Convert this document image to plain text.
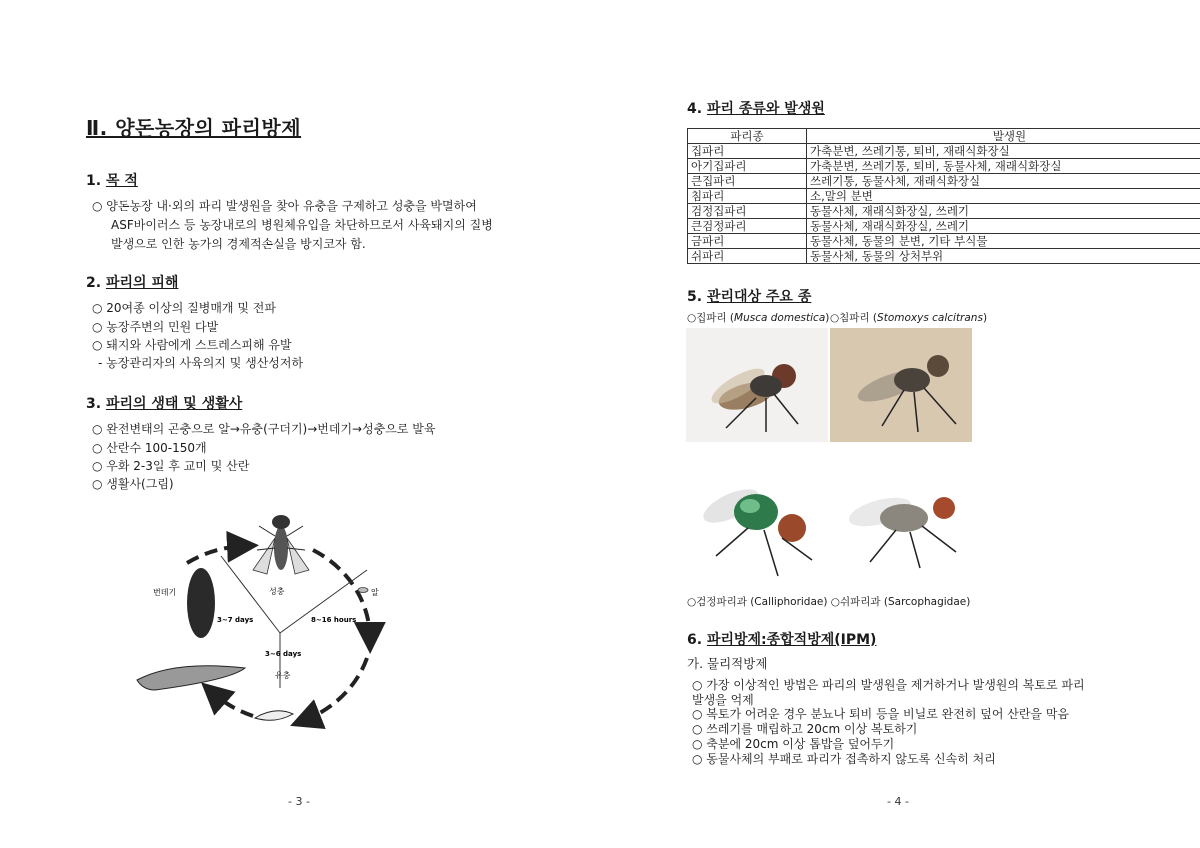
Ⅱ. 양돈농장의 파리방제
1. 목 적
○ 양돈농장 내·외의 파리 발생원을 찾아 유충을 구제하고 성충을 박멸하여
ASF바이러스 등 농장내로의 병원체유입을 차단하므로서 사육돼지의 질병
발생으로 인한 농가의 경제적손실을 방지코자 함.
2. 파리의 피해
○ 20여종 이상의 질병매개 및 전파
○ 농장주변의 민원 다발
○ 돼지와 사람에게 스트레스피해 유발
- 농장관리자의 사육의지 및 생산성저하
3. 파리의 생태 및 생활사
○ 완전변태의 곤충으로 알→유충(구더기)→번데기→성충으로 발육
○ 산란수 100-150개
○ 우화 2-3일 후 교미 및 산란
○ 생활사(그림)
번데기	성충	알
유충
3~7 days	8~16 hours
3~6 days
- 3 -
4. 파리 종류와 발생원
파리종	발생원
집파리	가축분변, 쓰레기통, 퇴비, 재래식화장실
아기집파리	가축분변, 쓰레기통, 퇴비, 동물사체, 재래식화장실
큰집파리	쓰레기통, 동물사체, 재래식화장실
침파리	소,말의 분변
검정집파리	동물사체, 재래식화장실, 쓰레기
큰검정파리	동물사체, 재래식화장실, 쓰레기
금파리	동물사체, 동물의 분변, 기타 부식물
쉬파리	동물사체, 동물의 상처부위
5. 관리대상 주요 종
○집파리 (Musca domestica) ○침파리 (Stomoxys calcitrans)
○검정파리과 (Calliphoridae) ○쉬파리과 (Sarcophagidae)
6. 파리방제:종합적방제(IPM)
가. 물리적방제
○ 가장 이상적인 방법은 파리의 발생원을 제거하거나 발생원의 복토로 파리
발생을 억제
○ 복토가 어려운 경우 분뇨나 퇴비 등을 비닐로 완전히 덮어 산란을 막음
○ 쓰레기를 매립하고 20cm 이상 복토하기
○ 축분에 20cm 이상 톱밥을 덮어두기
○ 동물사체의 부패로 파리가 접촉하지 않도록 신속히 처리
- 4 -
